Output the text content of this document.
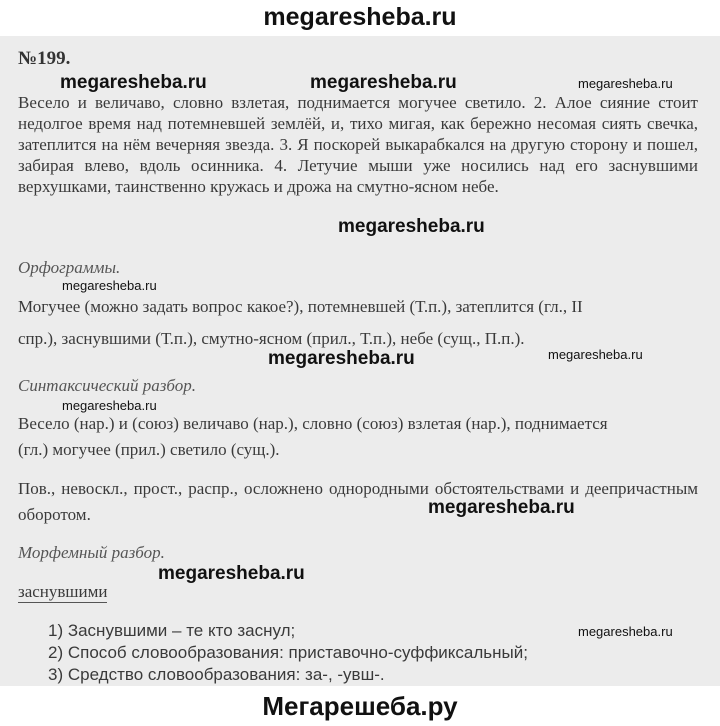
megaresheba.ru
№199.
megaresheba.ru	megaresheba.ru	megaresheba.ru
Весело и величаво, словно взлетая, поднимается могучее светило. 2. Алое сияние стоит недолгое время над потемневшей землёй, и, тихо мигая, как бережно несомая сиять свечка, затеплится на нём вечерняя звезда. 3. Я поскорей выкарабкался на другую сторону и пошел, забирая влево, вдоль осинника. 4. Летучие мыши уже носились над его заснувшими верхушками, таинственно кружась и дрожа на смутно-ясном небе.
megaresheba.ru
Орфограммы.
megaresheba.ru
Могучее (можно задать вопрос какое?), потемневшей (Т.п.), затеплится (гл., II
спр.), заснувшими (Т.п.), смутно-ясном (прил., Т.п.), небе (сущ., П.п.).
megaresheba.ru	megaresheba.ru
Синтаксический разбор.
megaresheba.ru
Весело (нар.) и (союз) величаво (нар.), словно (союз) взлетая (нар.), поднимается
(гл.) могучее (прил.) светило (сущ.).
Пов., невоскл., прост., распр., осложнено однородными обстоятельствами и деепричастным оборотом.	megaresheba.ru
Морфемный разбор.
megaresheba.ru
заснувшими
1) Заснувшими – те кто заснул;
2) Способ словообразования: приставочно-суффиксальный;
3) Средство словообразования: за-, -увш-.
megaresheba.ru
Мегарешеба.ру
